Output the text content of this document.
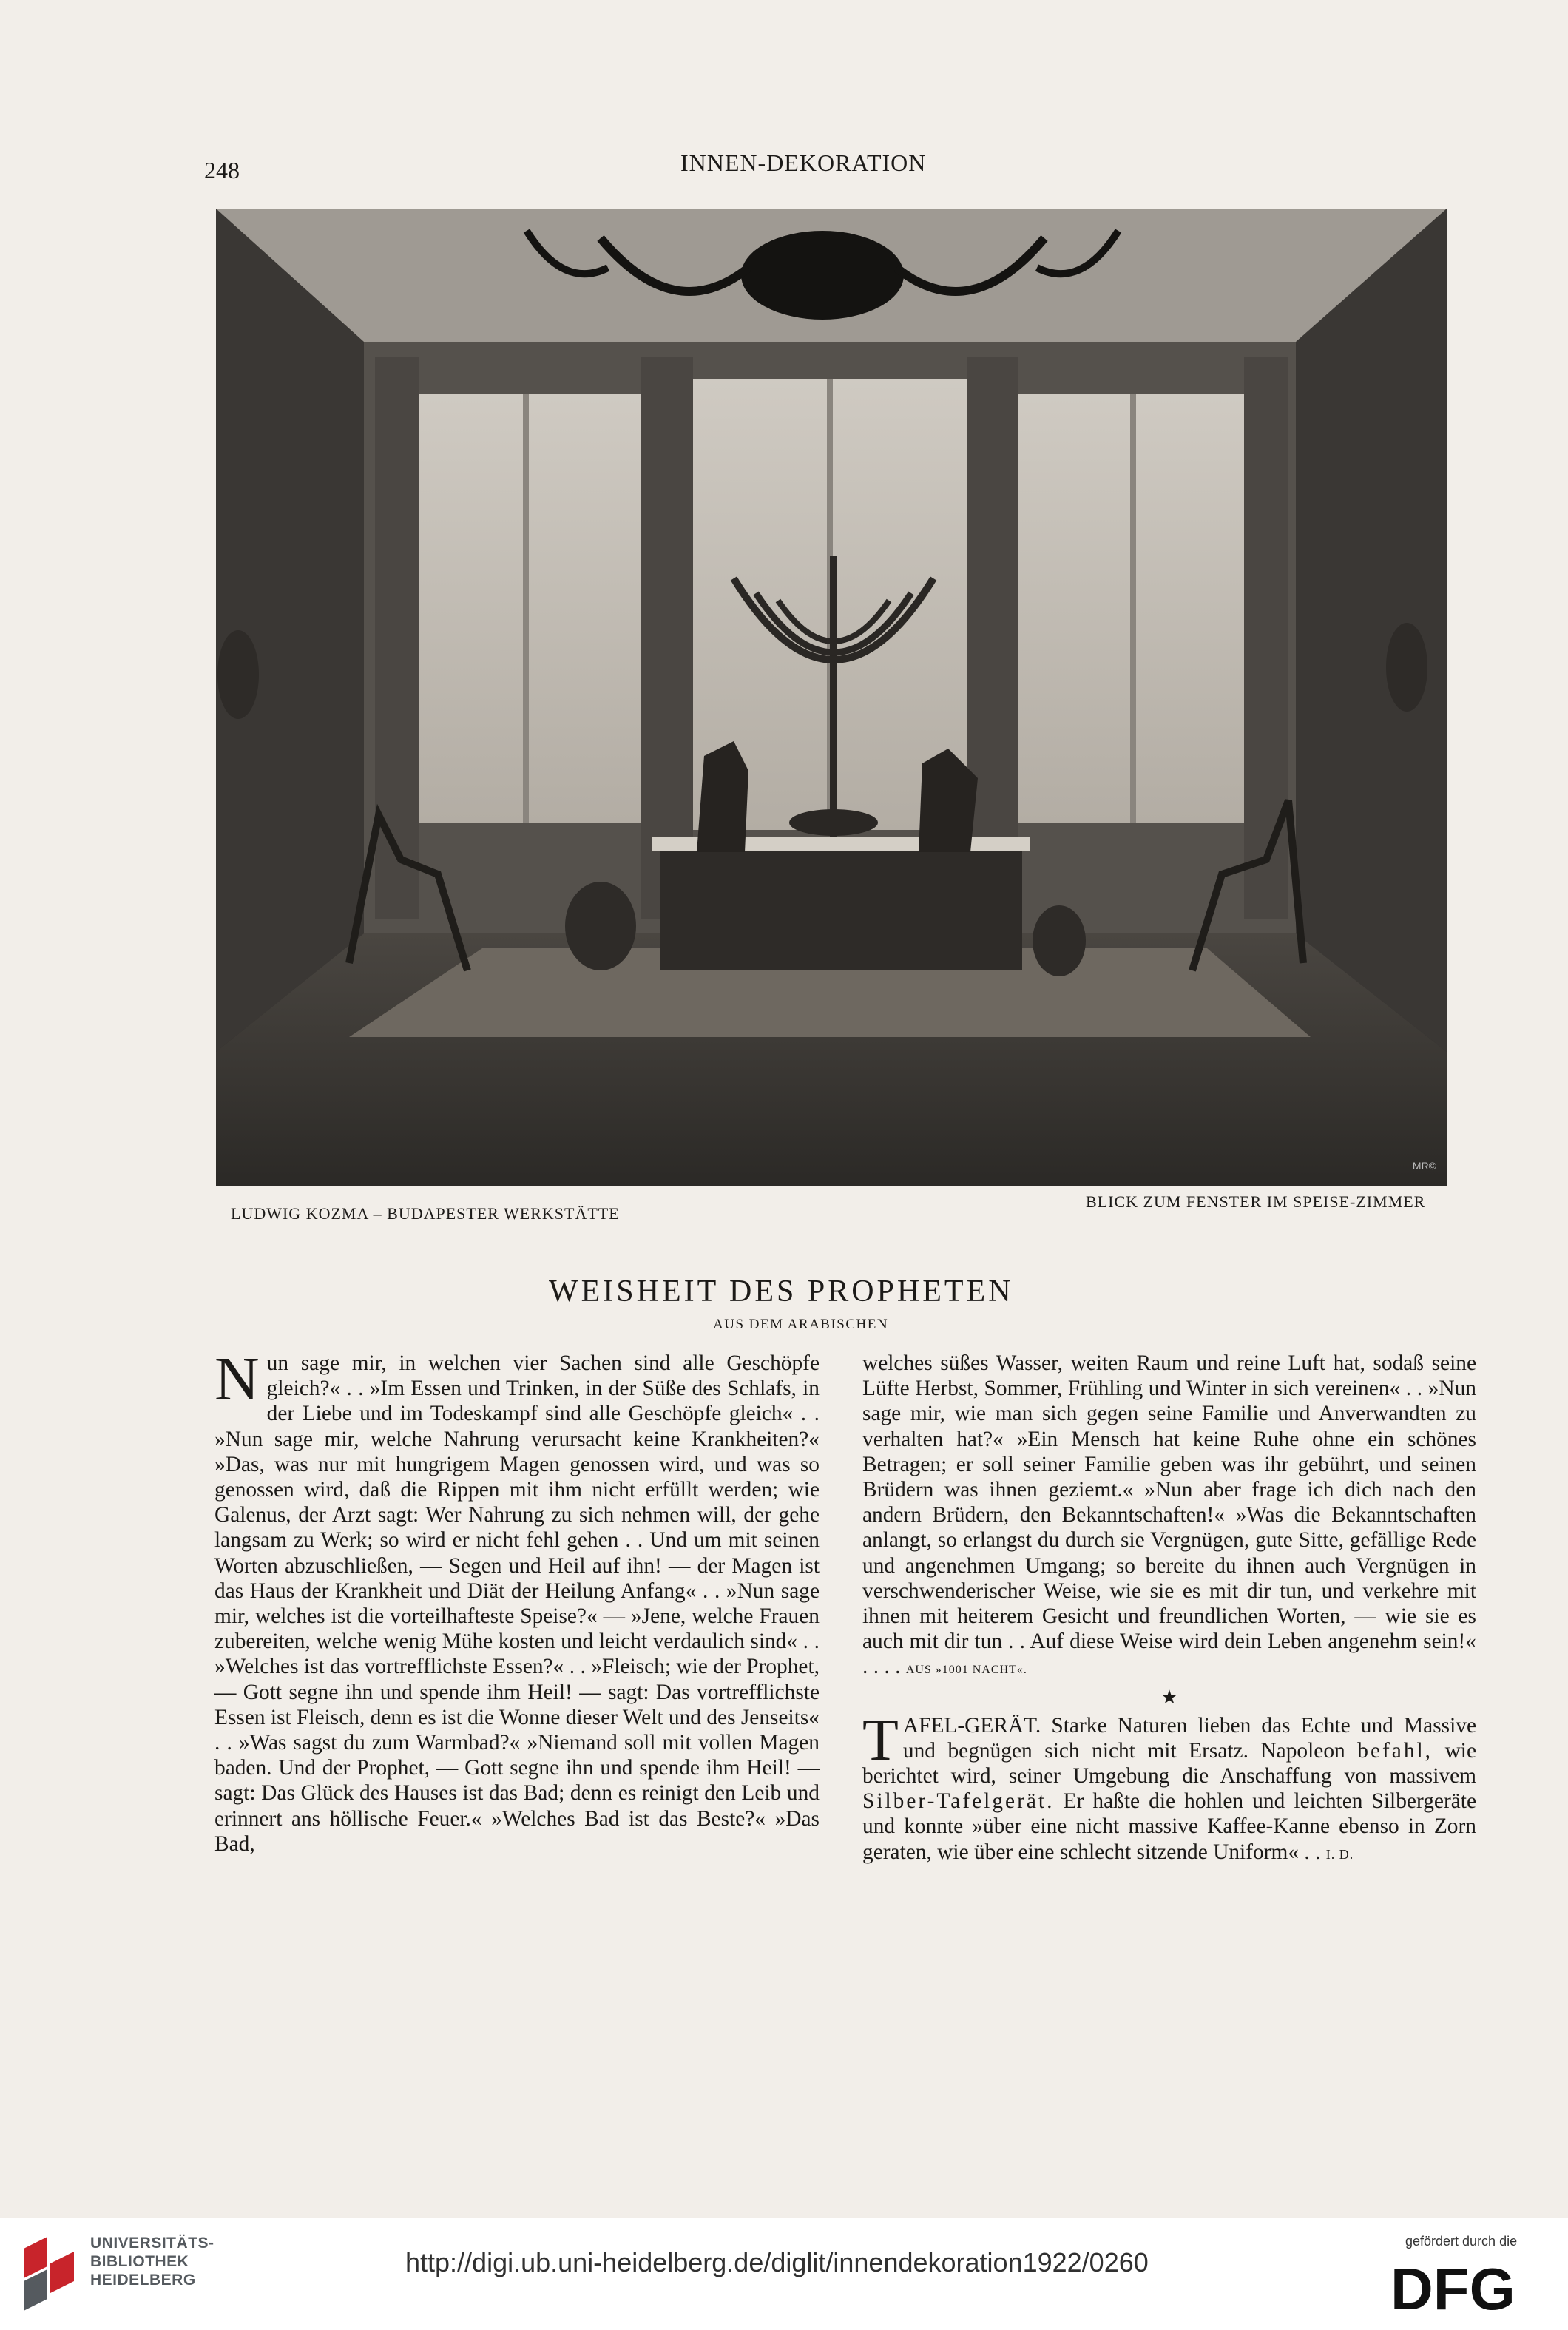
248	INNEN-DEKORATION
MR©
LUDWIG KOZMA – BUDAPESTER WERKSTÄTTE
BLICK ZUM FENSTER IM SPEISE-ZIMMER
WEISHEIT DES PROPHETEN
AUS DEM ARABISCHEN

N un sage mir, in welchen vier Sachen sind alle Geschöpfe gleich?« . . »Im Essen und Trinken, in der Süße des Schlafs, in der Liebe und im Todeskampf sind alle Geschöpfe gleich« . . »Nun sage mir, welche Nahrung verursacht keine Krankheiten?« »Das, was nur mit hungrigem Magen genossen wird, und was so genossen wird, daß die Rippen mit ihm nicht erfüllt werden; wie Galenus, der Arzt sagt: Wer Nahrung zu sich nehmen will, der gehe langsam zu Werk; so wird er nicht fehl gehen . . Und um mit seinen Worten abzuschließen, — Segen und Heil auf ihn! — der Magen ist das Haus der Krankheit und Diät der Heilung Anfang« . . »Nun sage mir, welches ist die vorteilhafteste Speise?« — »Jene, welche Frauen zubereiten, welche wenig Mühe kosten und leicht verdaulich sind« . . »Welches ist das vortrefflichste Essen?« . . »Fleisch; wie der Prophet, — Gott segne ihn und spende ihm Heil! — sagt: Das vortrefflichste Essen ist Fleisch, denn es ist die Wonne dieser Welt und des Jenseits« . . »Was sagst du zum Warmbad?« »Niemand soll mit vollen Magen baden. Und der Prophet, — Gott segne ihn und spende ihm Heil! — sagt: Das Glück des Hauses ist das Bad; denn es reinigt den Leib und erinnert ans höllische Feuer.« »Welches Bad ist das Beste?« »Das Bad,

welches süßes Wasser, weiten Raum und reine Luft hat, sodaß seine Lüfte Herbst, Sommer, Frühling und Winter in sich vereinen« . . »Nun sage mir, wie man sich gegen seine Familie und Anverwandten zu verhalten hat?« »Ein Mensch hat keine Ruhe ohne ein schönes Betragen; er soll seiner Familie geben was ihr gebührt, und seinen Brüdern was ihnen geziemt.« »Nun aber frage ich dich nach den andern Brüdern, den Bekanntschaften!« »Was die Bekanntschaften anlangt, so erlangst du durch sie Vergnügen, gute Sitte, gefällige Rede und angenehmen Umgang; so bereite du ihnen auch Vergnügen in verschwenderischer Weise, wie sie es mit dir tun, und verkehre mit ihnen mit heiterem Gesicht und freundlichen Worten, — wie sie es auch mit dir tun . . Auf diese Weise wird dein Leben angenehm sein!« . . . . AUS »1001 NACHT«.

★

T AFEL-GERÄT. Starke Naturen lieben das Echte und Massive und begnügen sich nicht mit Ersatz. Napoleon befahl, wie berichtet wird, seiner Umgebung die Anschaffung von massivem Silber-Tafelgerät. Er haßte die hohlen und leichten Silbergeräte und konnte »über eine nicht massive Kaffee-Kanne ebenso in Zorn geraten, wie über eine schlecht sitzende Uniform« . . I. D.

UNIVERSITÄTS-
BIBLIOTHEK
HEIDELBERG
http://digi.ub.uni-heidelberg.de/diglit/innendekoration1922/0260
gefördert durch die
DFG
